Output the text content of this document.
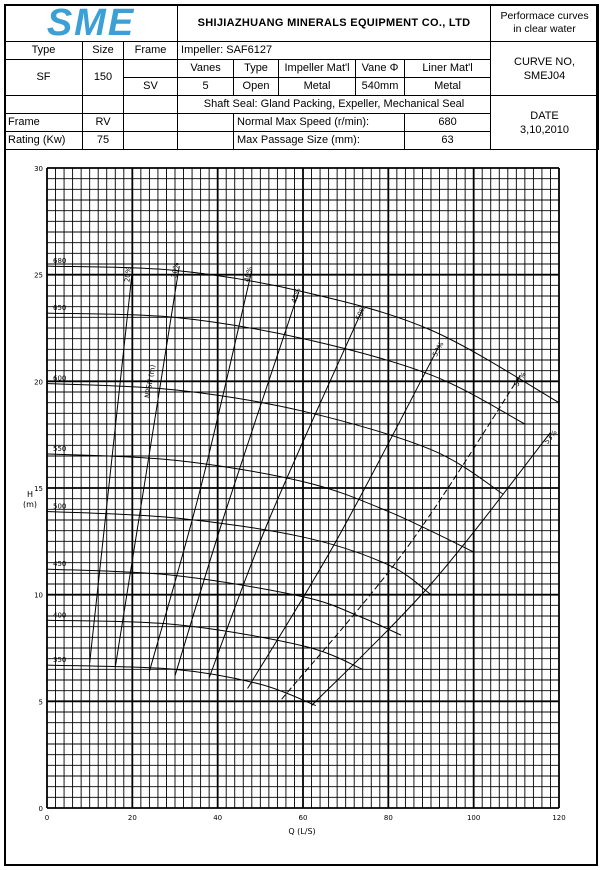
SME			SHIJIAZHUANG MINERALS EQUIPMENT CO., LTD					Performace curves
in clear water
Type	Size	Frame	Impeller: SAF6127					CURVE NO,
SMEJ04
SF	150		Vanes	Type	Impeller Mat'l	Vane Φ	Liner Mat'l	
		SV	5	Open	Metal	540mm	Metal	
			Shaft Seal: Gland Packing, Expeller, Mechanical Seal					DATE
3,10,2010
Frame	RV			Normal Max Speed (r/min):			680	
Rating (Kw)	75			Max Passage Size (mm):			63	
0	20	40	60	80	100	120
0
5
10
15
20
25
30
680
650
600
550
500
450
400
350
20%	30%	40%
45%
50%
53%
56%
53%
NPSH (m)
Q (L/S)
H (m)
